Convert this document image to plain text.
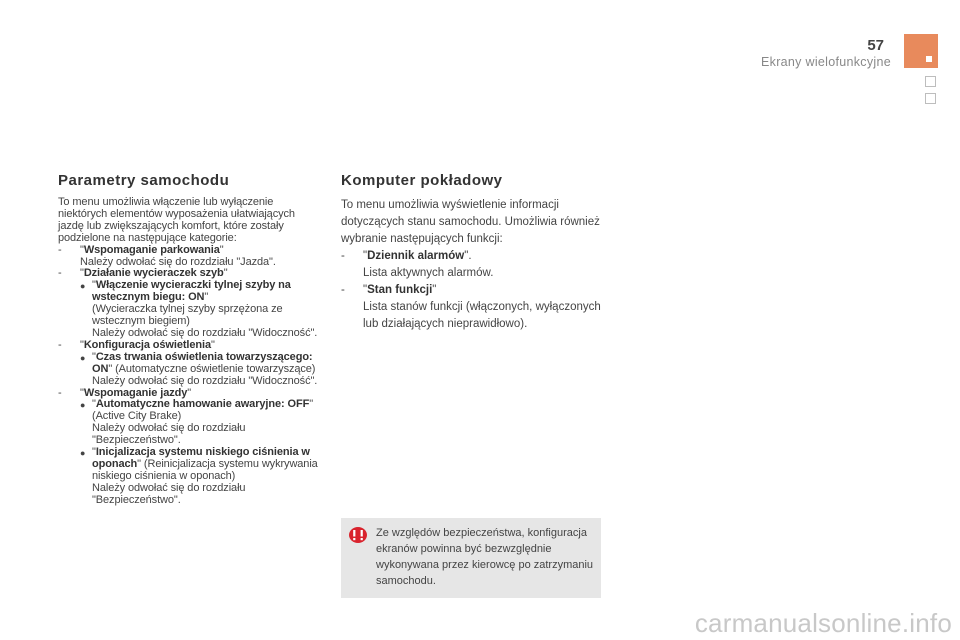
57
Ekrany wielofunkcyjne
Parametry samochodu
To menu umożliwia włączenie lub wyłączenie niektórych elementów wyposażenia ułatwiających jazdę lub zwiększających komfort, które zostały podzielone na następujące kategorie:
-	"Wspomaganie parkowania"
Należy odwołać się do rozdziału "Jazda".
-	"Działanie wycieraczek szyb"
● "Włączenie wycieraczki tylnej szyby na wstecznym biegu: ON"
(Wycieraczka tylnej szyby sprzężona ze wstecznym biegiem)
Należy odwołać się do rozdziału "Widoczność".
-	"Konfiguracja oświetlenia"
● "Czas trwania oświetlenia towarzyszącego: ON" (Automatyczne oświetlenie towarzyszące)
Należy odwołać się do rozdziału "Widoczność".
-	"Wspomaganie jazdy"
● "Automatyczne hamowanie awaryjne: OFF" (Active City Brake)
Należy odwołać się do rozdziału "Bezpieczeństwo".
● "Inicjalizacja systemu niskiego ciśnienia w oponach" (Reinicjalizacja systemu wykrywania niskiego ciśnienia w oponach)
Należy odwołać się do rozdziału "Bezpieczeństwo".
Komputer pokładowy
To menu umożliwia wyświetlenie informacji dotyczących stanu samochodu. Umożliwia również wybranie następujących funkcji:
-	"Dziennik alarmów".
Lista aktywnych alarmów.
-	"Stan funkcji"
Lista stanów funkcji (włączonych, wyłączonych lub działających nieprawidłowo).
Ze względów bezpieczeństwa, konfiguracja ekranów powinna być bezwzględnie wykonywana przez kierowcę po zatrzymaniu samochodu.
carmanualsonline.info
